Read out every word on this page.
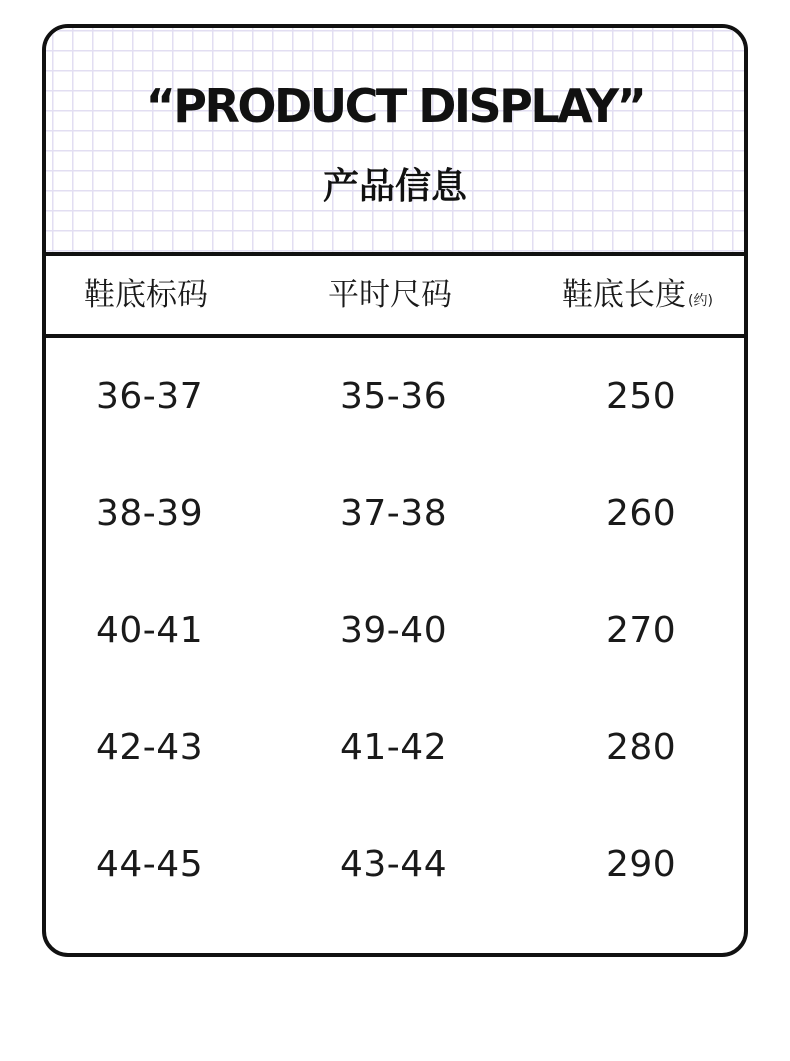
“PRODUCT DISPLAY”
产品信息
鞋底标码	平时尺码	鞋底长度 (约)
36-37	35-36	250
38-39	37-38	260
40-41	39-40	270
42-43	41-42	280
44-45	43-44	290
